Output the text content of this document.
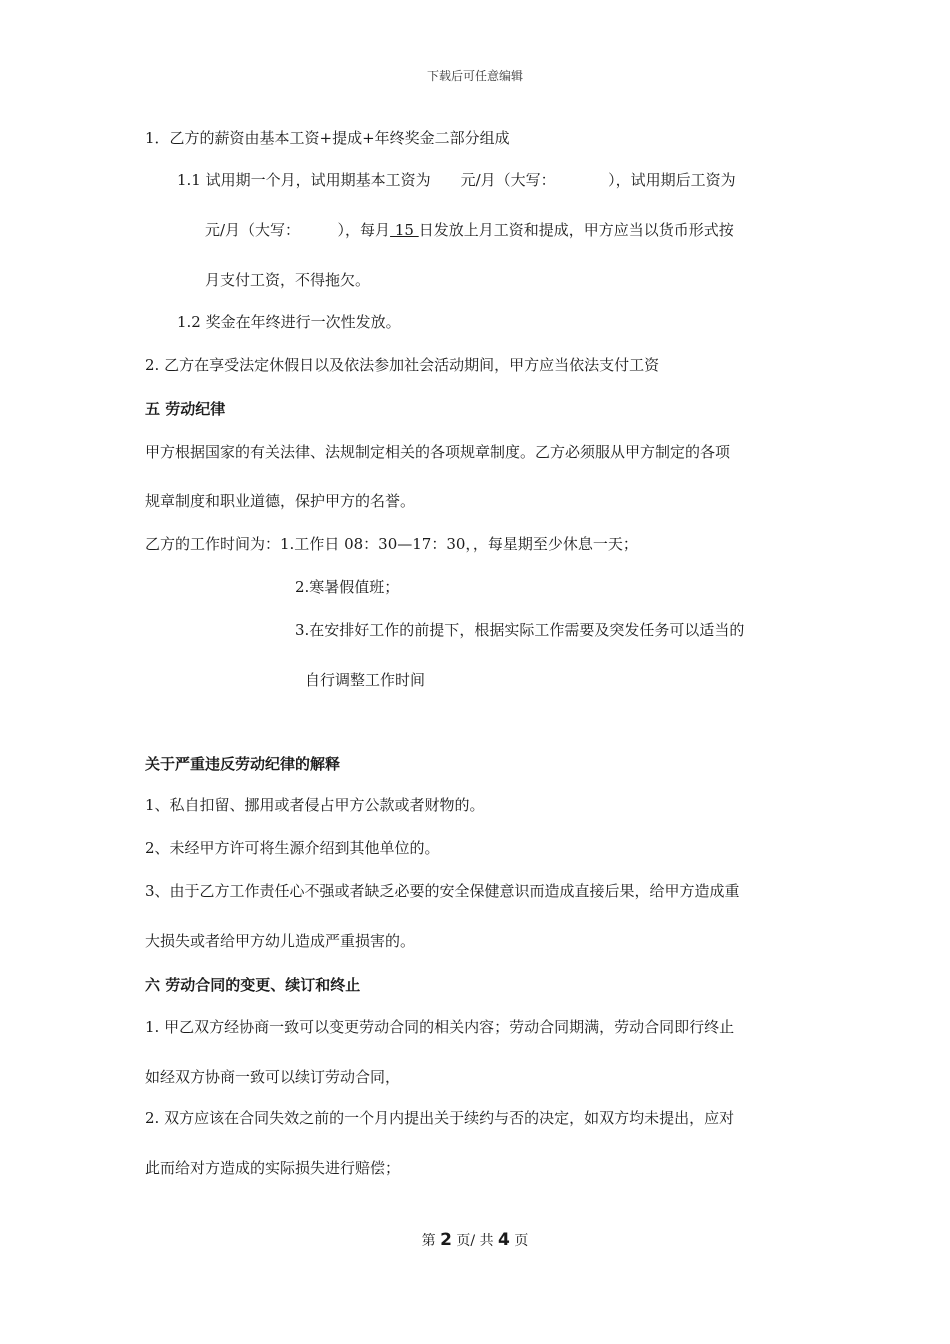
下载后可任意编辑
1．乙方的薪资由基本工资+提成+年终奖金二部分组成
1.1 试用期一个月，试用期基本工资为　　元/月（大写：　　　　），试用期后工资为
元/月（大写：　　　），每月 15 日发放上月工资和提成，甲方应当以货币形式按
月支付工资，不得拖欠。
1.2 奖金在年终进行一次性发放。
2. 乙方在享受法定休假日以及依法参加社会活动期间，甲方应当依法支付工资
五 劳动纪律
甲方根据国家的有关法律、法规制定相关的各项规章制度。乙方必须服从甲方制定的各项
规章制度和职业道德，保护甲方的名誉。
乙方的工作时间为：1.工作日 08：30—17：30，，每星期至少休息一天；
2.寒暑假值班；
3.在安排好工作的前提下，根据实际工作需要及突发任务可以适当的
自行调整工作时间
关于严重违反劳动纪律的解释
1、私自扣留、挪用或者侵占甲方公款或者财物的。
2、未经甲方许可将生源介绍到其他单位的。
3、由于乙方工作责任心不强或者缺乏必要的安全保健意识而造成直接后果，给甲方造成重
大损失或者给甲方幼儿造成严重损害的。
六 劳动合同的变更、续订和终止
1. 甲乙双方经协商一致可以变更劳动合同的相关内容；劳动合同期满，劳动合同即行终止
如经双方协商一致可以续订劳动合同，
2. 双方应该在合同失效之前的一个月内提出关于续约与否的决定，如双方均未提出，应对
此而给对方造成的实际损失进行赔偿；
第 2 页/ 共 4 页
